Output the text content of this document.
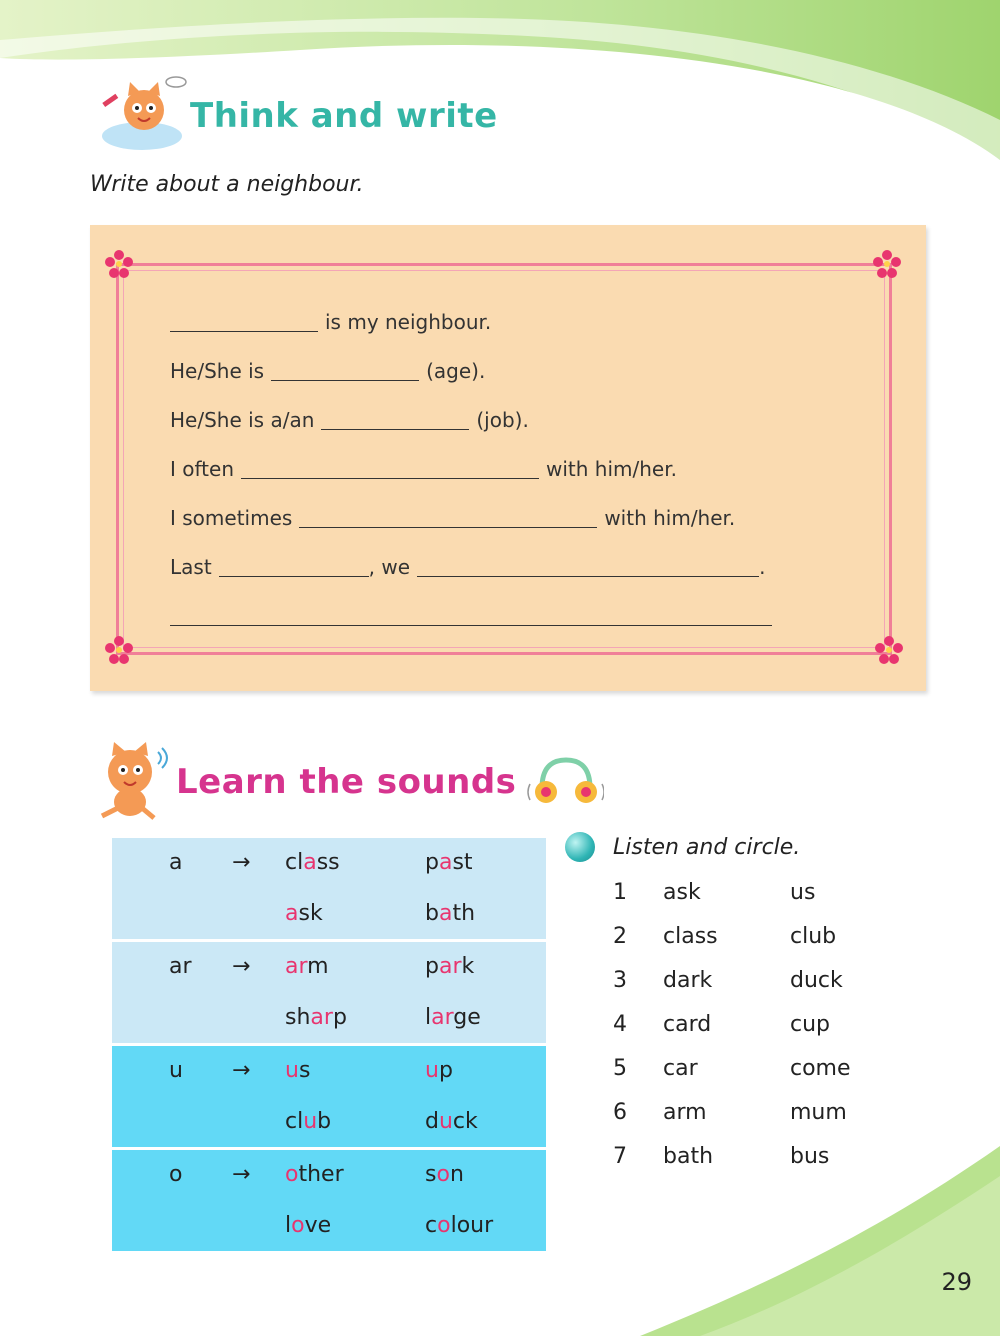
Think and write
Write about a neighbour.
is my neighbour.
He/She is	(age).
He/She is a/an	(job).
I often	with him/her.
I sometimes	with him/her.
Last	, we	.
Learn the sounds
a → class	past
ask	bath
ar → arm	park
sharp	large
u → us	up
club	duck
o → other	son
love	colour
Listen and circle.
1 ask	us
2 class	club
3 dark	duck
4 card	cup
5 car	come
6 arm	mum
7 bath	bus
29
